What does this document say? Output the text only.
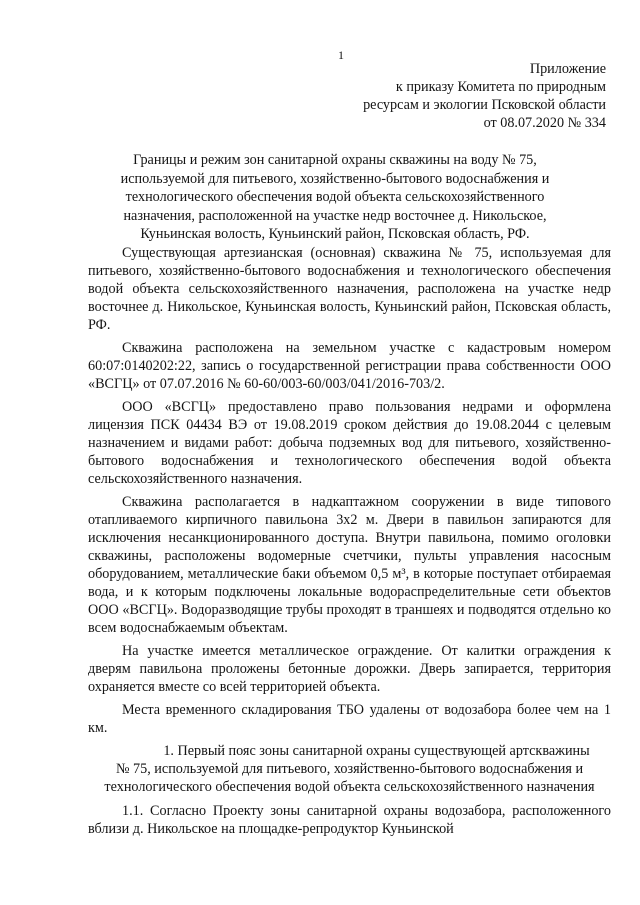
1
Приложение
к приказу Комитета по природным
ресурсам и экологии Псковской области
от 08.07.2020 № 334
Границы и режим зон санитарной охраны скважины на воду № 75, используемой для питьевого, хозяйственно-бытового водоснабжения и технологического обеспечения водой объекта сельскохозяйственного назначения, расположенной на участке недр восточнее д. Никольское, Куньинская волость, Куньинский район, Псковская область, РФ.

Существующая артезианская (основная) скважина № 75, используемая для питьевого, хозяйственно-бытового водоснабжения и технологического обеспечения водой объекта сельскохозяйственного назначения, расположена на участке недр восточнее д. Никольское, Куньинская волость, Куньинский район, Псковская область, РФ.

Скважина расположена на земельном участке с кадастровым номером 60:07:0140202:22, запись о государственной регистрации права собственности ООО «ВСГЦ» от 07.07.2016 № 60-60/003-60/003/041/2016-703/2.

ООО «ВСГЦ» предоставлено право пользования недрами и оформлена лицензия ПСК 04434 ВЭ от 19.08.2019 сроком действия до 19.08.2044 с целевым назначением и видами работ: добыча подземных вод для питьевого, хозяйственно-бытового водоснабжения и технологического обеспечения водой объекта сельскохозяйственного назначения.

Скважина располагается в надкаптажном сооружении в виде типового отапливаемого кирпичного павильона 3х2 м. Двери в павильон запираются для исключения несанкционированного доступа. Внутри павильона, помимо оголовки скважины, расположены водомерные счетчики, пульты управления насосным оборудованием, металлические баки объемом 0,5 м³, в которые поступает отбираемая вода, и к которым подключены локальные водораспределительные сети объектов ООО «ВСГЦ». Водоразводящие трубы проходят в траншеях и подводятся отдельно ко всем водоснабжаемым объектам.

На участке имеется металлическое ограждение. От калитки ограждения к дверям павильона проложены бетонные дорожки. Дверь запирается, территория охраняется вместе со всей территорией объекта.

Места временного складирования ТБО удалены от водозабора более чем на 1 км.

1. Первый пояс зоны санитарной охраны существующей артскважины
№ 75, используемой для питьевого, хозяйственно-бытового водоснабжения и технологического обеспечения водой объекта сельскохозяйственного назначения

1.1. Согласно Проекту зоны санитарной охраны водозабора, расположенного вблизи д. Никольское на площадке-репродуктор Куньинской
